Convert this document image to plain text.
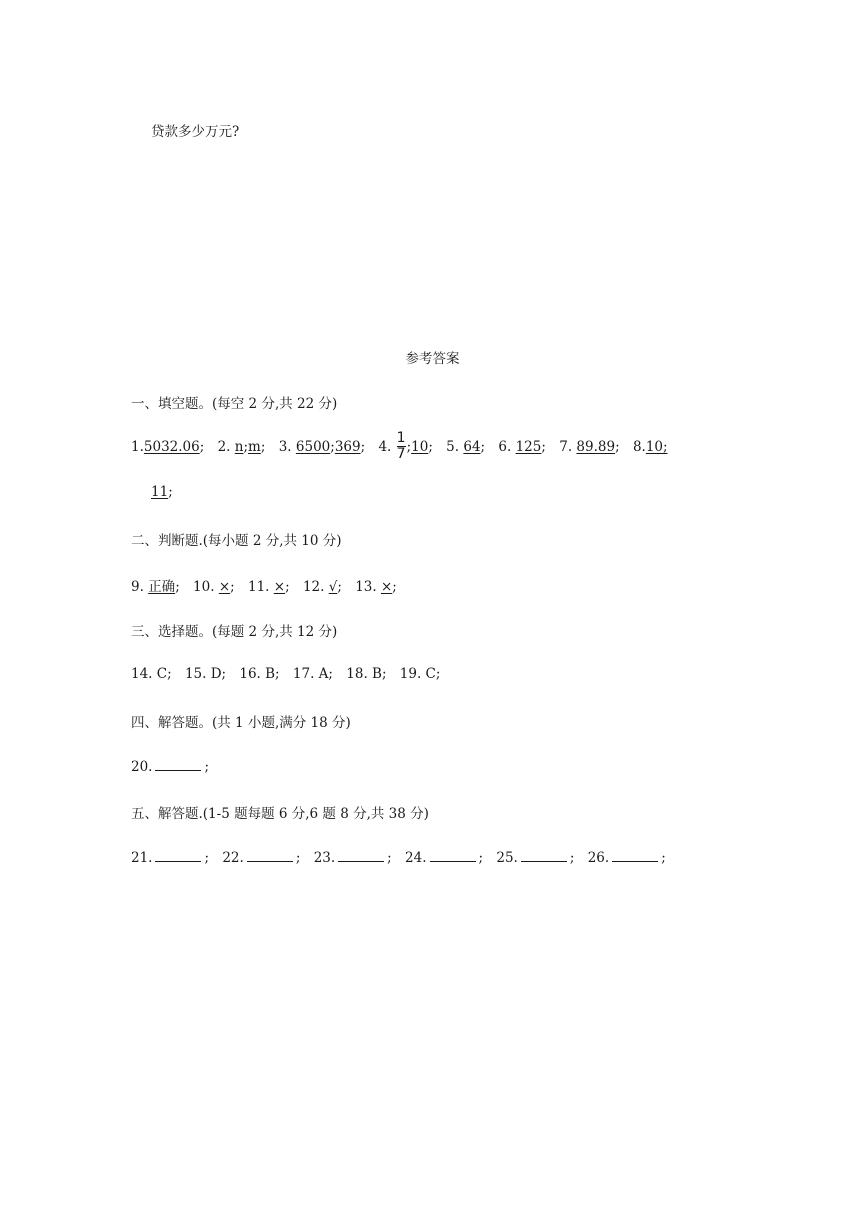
贷款多少万元?
参考答案
一、填空题。(每空 2 分,共 22 分)
1.5032.06; 2. n;m; 3. 6500;369; 4. $\frac{1}{7}$ ;10; 5. 64; 6. 125; 7. 89.89; 8.10;
11;
二、判断题.(每小题 2 分,共 10 分)
9. 正确; 10. ×; 11. ×; 12. √; 13. ×;
三、选择题。(每题 2 分,共 12 分)
14. C; 15. D; 16. B; 17. A; 18. B; 19. C;
四、解答题。(共 1 小题,满分 18 分)
20.	;
五、解答题.(1-5 题每题 6 分,6 题 8 分,共 38 分)
21.	; 22.	; 23.	; 24.	; 25.	; 26.	;
